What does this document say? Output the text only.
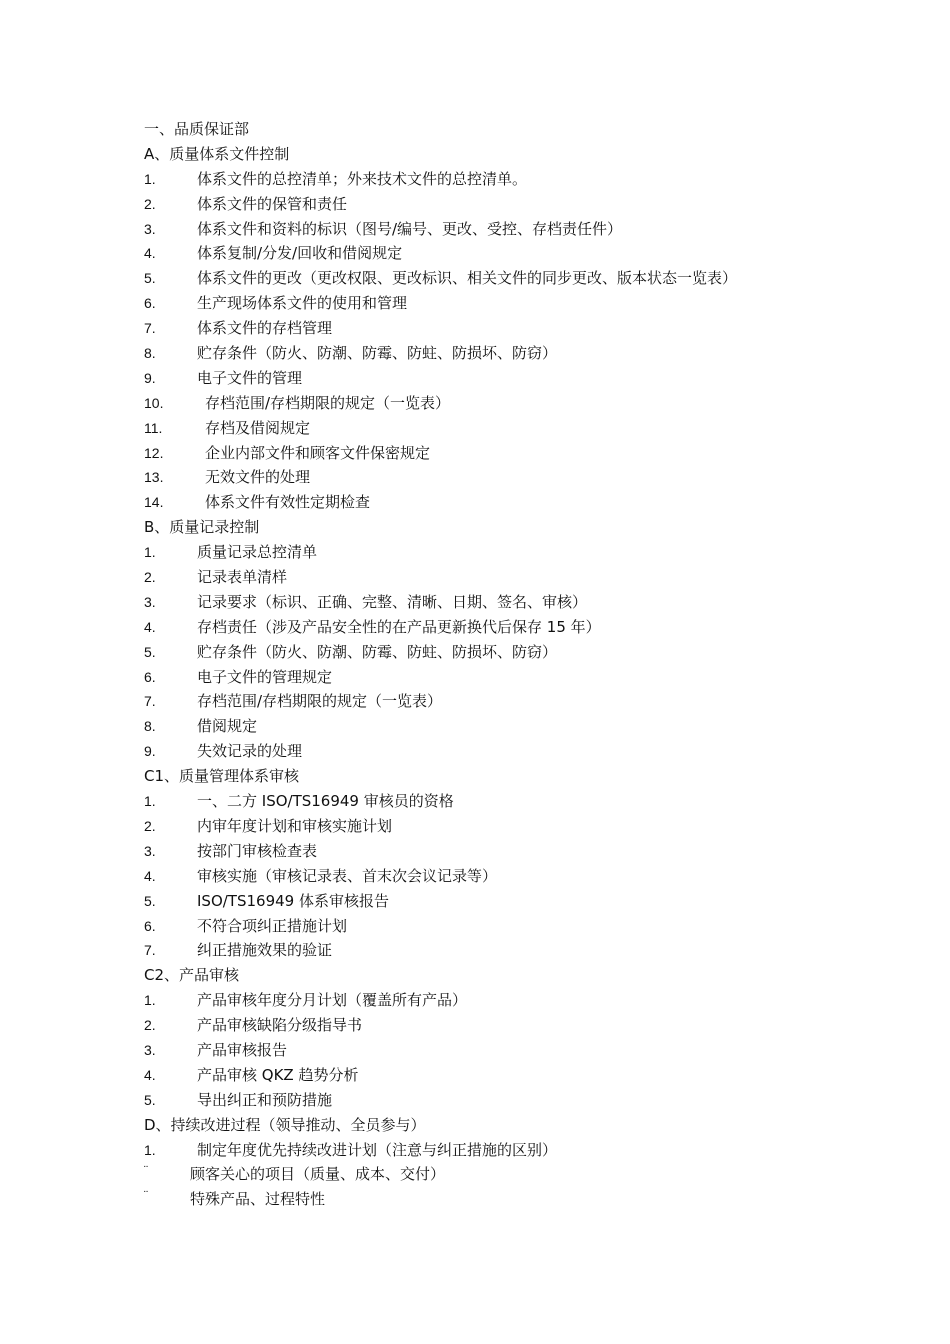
一、品质保证部
A、质量体系文件控制
1.	体系文件的总控清单；外来技术文件的总控清单。
2.	体系文件的保管和责任
3.	体系文件和资料的标识（图号/编号、更改、受控、存档责任件）
4.	体系复制/分发/回收和借阅规定
5.	体系文件的更改（更改权限、更改标识、相关文件的同步更改、版本状态一览表）
6.	生产现场体系文件的使用和管理
7.	体系文件的存档管理
8.	贮存条件（防火、防潮、防霉、防蛀、防损坏、防窃）
9.	电子文件的管理
10.	存档范围/存档期限的规定（一览表）
11.	存档及借阅规定
12.	企业内部文件和顾客文件保密规定
13.	无效文件的处理
14.	体系文件有效性定期检查
B、质量记录控制
1.	质量记录总控清单
2.	记录表单清样
3.	记录要求（标识、正确、完整、清晰、日期、签名、审核）
4.	存档责任（涉及产品安全性的在产品更新换代后保存 15 年）
5.	贮存条件（防火、防潮、防霉、防蛀、防损坏、防窃）
6.	电子文件的管理规定
7.	存档范围/存档期限的规定（一览表）
8.	借阅规定
9.	失效记录的处理
C1、质量管理体系审核
1.	一、二方 ISO/TS16949 审核员的资格
2.	内审年度计划和审核实施计划
3.	按部门审核检查表
4.	审核实施（审核记录表、首末次会议记录等）
5.	ISO/TS16949 体系审核报告
6.	不符合项纠正措施计划
7.	纠正措施效果的验证
C2、产品审核
1.	产品审核年度分月计划（覆盖所有产品）
2.	产品审核缺陷分级指导书
3.	产品审核报告
4.	产品审核 QKZ 趋势分析
5.	导出纠正和预防措施
D、持续改进过程（领导推动、全员参与）
1.	制定年度优先持续改进计划（注意与纠正措施的区别）
¨	顾客关心的项目（质量、成本、交付）
¨	特殊产品、过程特性
